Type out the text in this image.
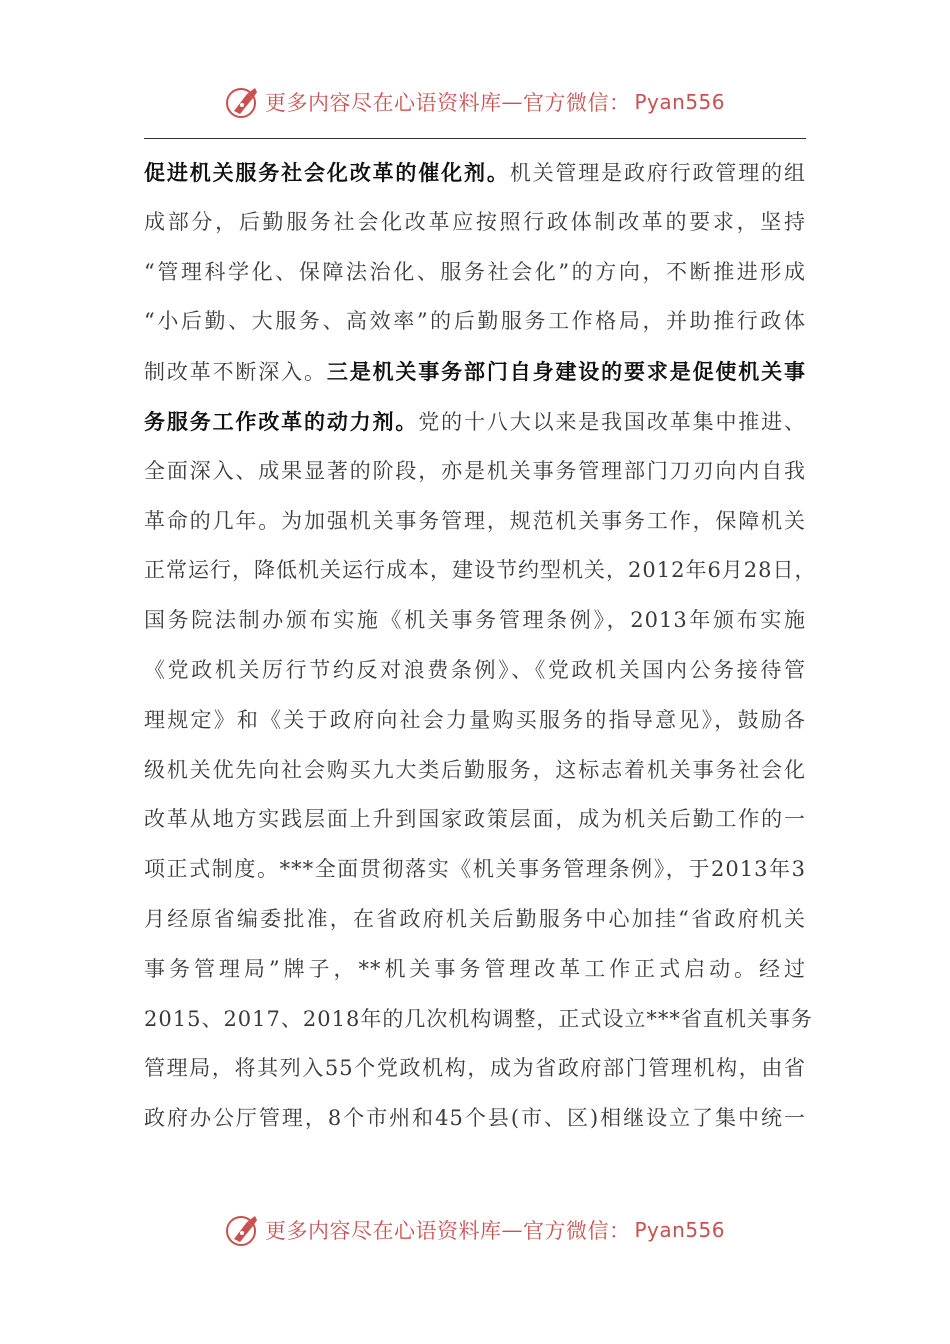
更多内容尽在心语资料库 — 官方微信： Pyan556
促进机关服务社会化改革的催化剂。机关管理是政府行政管理的组
成部分，后勤服务社会化改革应按照行政体制改革的要求，坚持
“管理科学化、保障法治化、服务社会化”的方向，不断推进形成
“小后勤、大服务、高效率”的后勤服务工作格局，并助推行政体
制改革不断深入。三是机关事务部门自身建设的要求是促使机关事
务服务工作改革的动力剂。党的十八大以来是我国改革集中推进、
全面深入、成果显著的阶段，亦是机关事务管理部门刀刃向内自我
革命的几年。为加强机关事务管理，规范机关事务工作，保障机关
正常运行，降低机关运行成本，建设节约型机关，2012年6月28日，
国务院法制办颁布实施《机关事务管理条例》，2013年颁布实施
《党政机关厉行节约反对浪费条例》、《党政机关国内公务接待管
理规定》和《关于政府向社会力量购买服务的指导意见》，鼓励各
级机关优先向社会购买九大类后勤服务，这标志着机关事务社会化
改革从地方实践层面上升到国家政策层面，成为机关后勤工作的一
项正式制度。***全面贯彻落实《机关事务管理条例》，于2013年3
月经原省编委批准，在省政府机关后勤服务中心加挂“省政府机关
事务管理局”牌子，**机关事务管理改革工作正式启动。经过
2015、2017、2018年的几次机构调整，正式设立***省直机关事务
管理局，将其列入55个党政机构，成为省政府部门管理机构，由省
政府办公厅管理，8个市州和45个县(市、区)相继设立了集中统一
更多内容尽在心语资料库 — 官方微信： Pyan556
